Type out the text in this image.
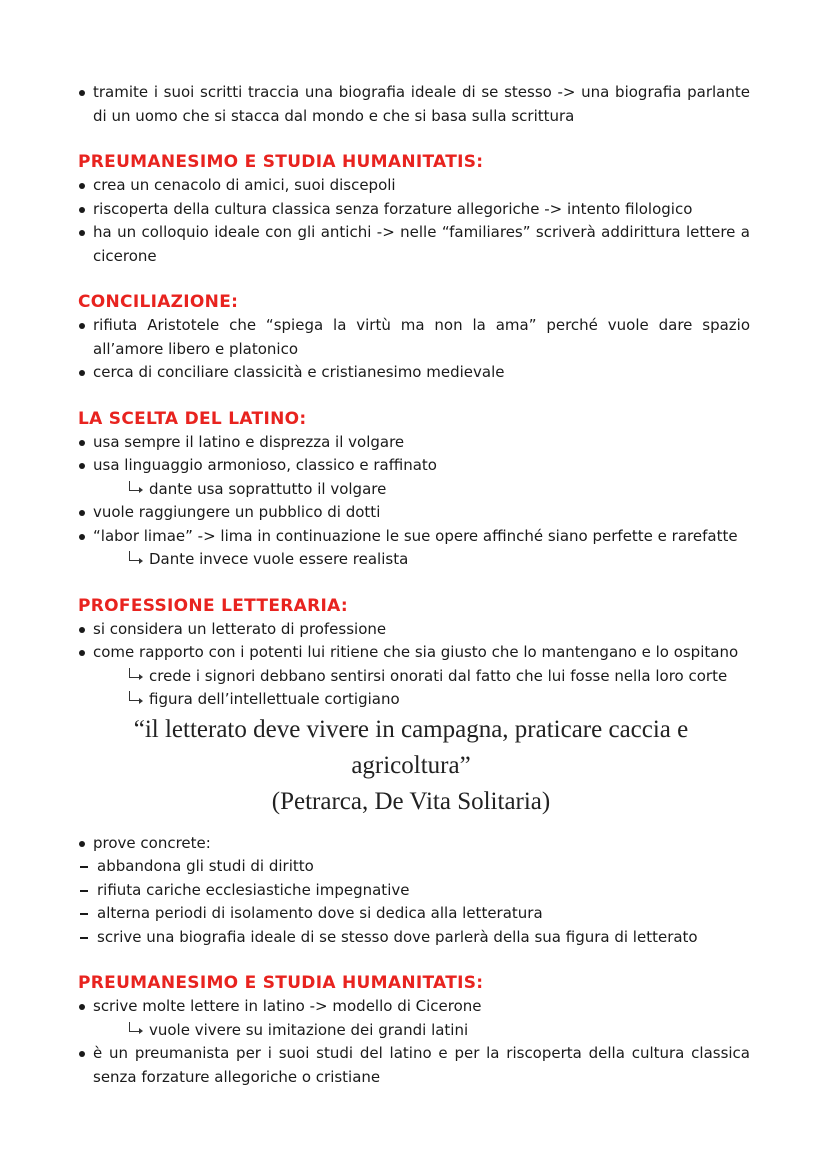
tramite i suoi scritti traccia una biografia ideale di se stesso -> una biografia parlante di un uomo che si stacca dal mondo e che si basa sulla scrittura
PREUMANESIMO E STUDIA HUMANITATIS:
crea un cenacolo di amici, suoi discepoli
riscoperta della cultura classica senza forzature allegoriche -> intento filologico
ha un colloquio ideale con gli antichi -> nelle “familiares” scriverà addirittura lettere a cicerone
CONCILIAZIONE:
rifiuta Aristotele che “spiega la virtù ma non la ama” perché vuole dare spazio all’amore libero e platonico
cerca di conciliare classicità e cristianesimo medievale
LA SCELTA DEL LATINO:
usa sempre il latino e disprezza il volgare
usa linguaggio armonioso, classico e raffinato
dante usa soprattutto il volgare
vuole raggiungere un pubblico di dotti
“labor limae” -> lima in continuazione le sue opere affinché siano perfette e rarefatte
Dante invece vuole essere realista
PROFESSIONE LETTERARIA:
si considera un letterato di professione
come rapporto con i potenti lui ritiene che sia giusto che lo mantengano e lo ospitano
crede i signori debbano sentirsi onorati dal fatto che lui fosse nella loro corte
figura dell’intellettuale cortigiano
“il letterato deve vivere in campagna, praticare caccia e agricoltura”
(Petrarca, De Vita Solitaria)
prove concrete:
abbandona gli studi di diritto
rifiuta cariche ecclesiastiche impegnative
alterna periodi di isolamento dove si dedica alla letteratura
scrive una biografia ideale di se stesso dove parlerà della sua figura di letterato
PREUMANESIMO E STUDIA HUMANITATIS:
scrive molte lettere in latino -> modello di Cicerone
vuole vivere su imitazione dei grandi latini
è un preumanista per i suoi studi del latino e per la riscoperta della cultura classica senza forzature allegoriche o cristiane
